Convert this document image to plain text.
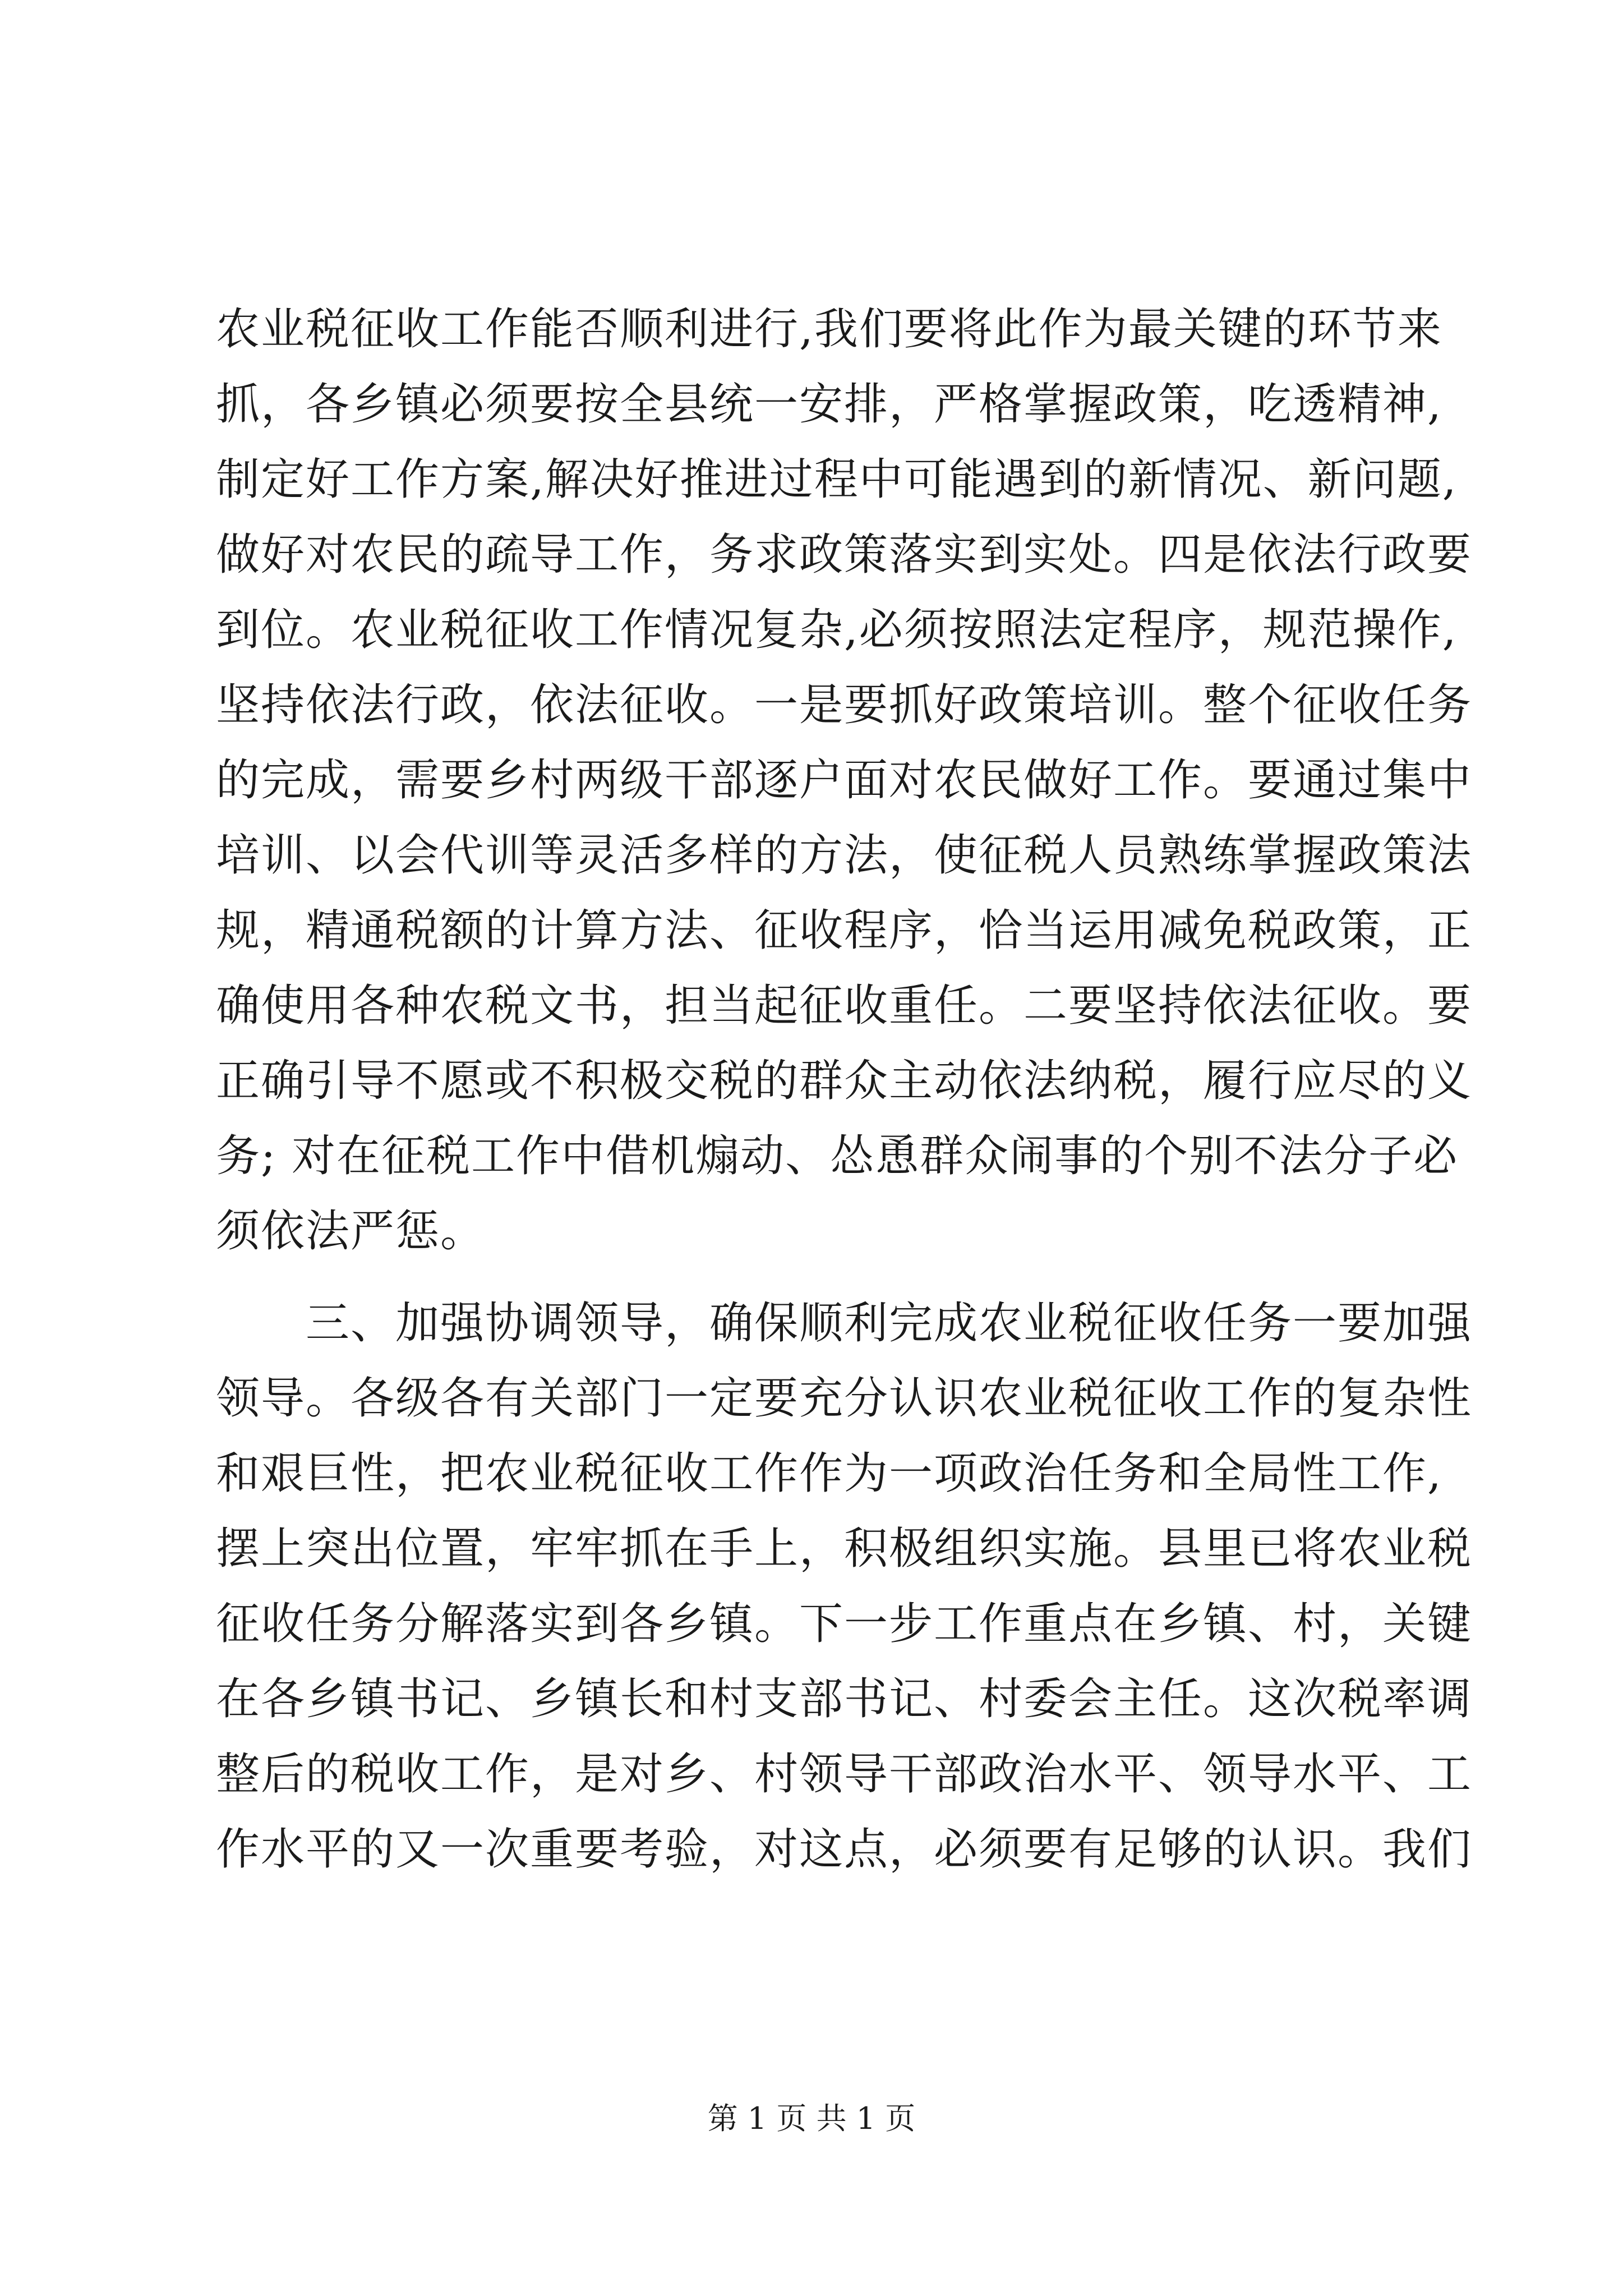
农业税征收工作能否顺利进行,我们要将此作为最关键的环节来
抓，各乡镇必须要按全县统一安排，严格掌握政策，吃透精神,
制定好工作方案,解决好推进过程中可能遇到的新情况、新问题,
做好对农民的疏导工作，务求政策落实到实处。四是依法行政要
到位。农业税征收工作情况复杂,必须按照法定程序，规范操作,
坚持依法行政，依法征收。一是要抓好政策培训。整个征收任务
的完成，需要乡村两级干部逐户面对农民做好工作。要通过集中
培训、以会代训等灵活多样的方法，使征税人员熟练掌握政策法
规，精通税额的计算方法、征收程序，恰当运用减免税政策，正
确使用各种农税文书，担当起征收重任。二要坚持依法征收。要
正确引导不愿或不积极交税的群众主动依法纳税，履行应尽的义
务; 对在征税工作中借机煽动、怂恿群众闹事的个别不法分子必
须依法严惩。
三、加强协调领导，确保顺利完成农业税征收任务一要加强
领导。各级各有关部门一定要充分认识农业税征收工作的复杂性
和艰巨性，把农业税征收工作作为一项政治任务和全局性工作,
摆上突出位置，牢牢抓在手上，积极组织实施。县里已将农业税
征收任务分解落实到各乡镇。下一步工作重点在乡镇、村，关键
在各乡镇书记、乡镇长和村支部书记、村委会主任。这次税率调
整后的税收工作，是对乡、村领导干部政治水平、领导水平、工
作水平的又一次重要考验，对这点，必须要有足够的认识。我们
第 1 页 共 1 页
